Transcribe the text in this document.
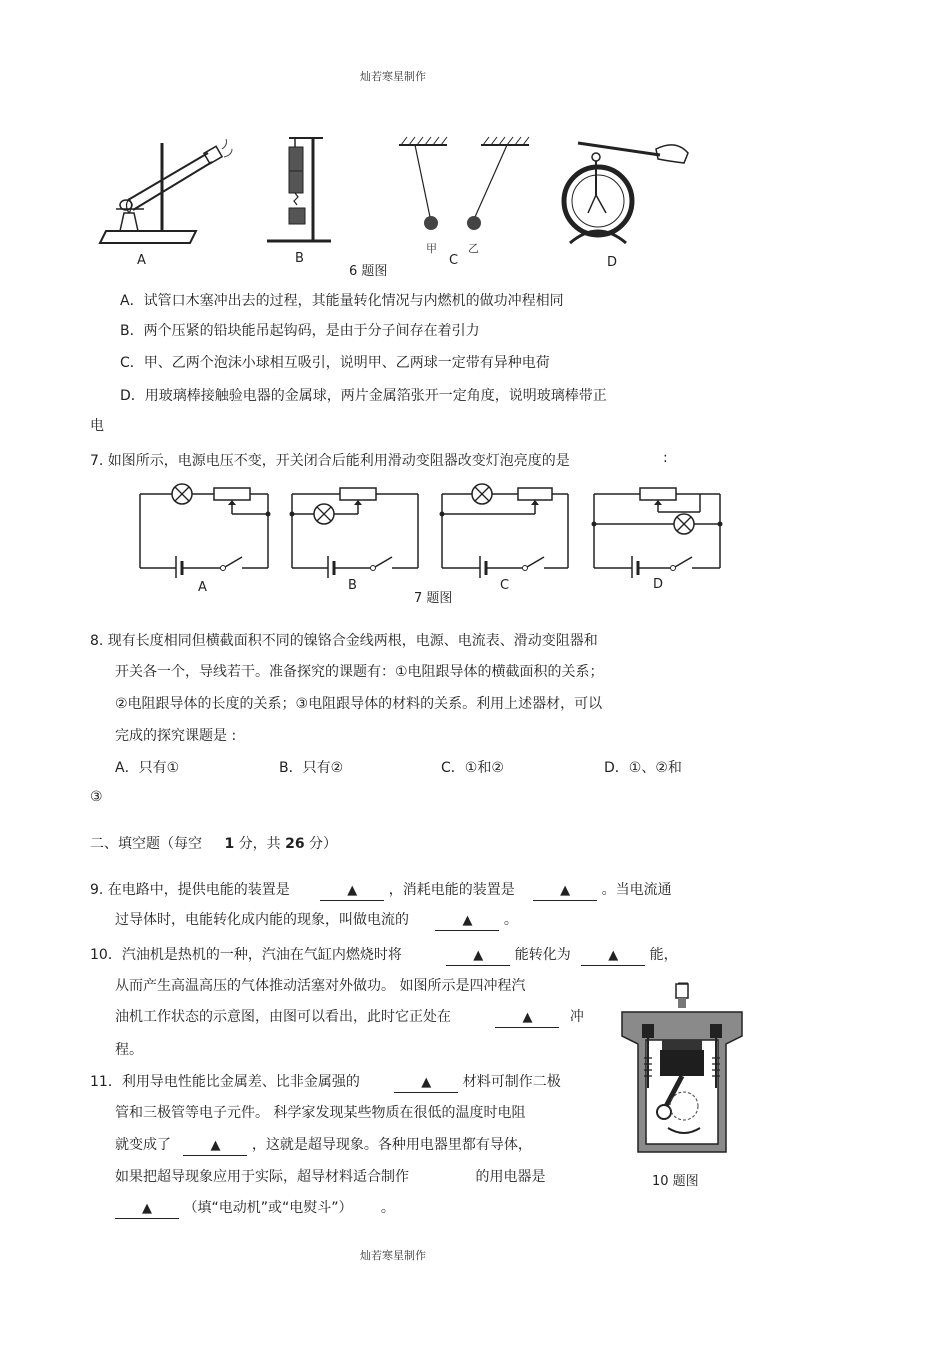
灿若寒星制作
甲	乙
A	B	C	D
6 题图
A．试管口木塞冲出去的过程，其能量转化情况与内燃机的做功冲程相同
B．两个压紧的铅块能吊起钩码，是由于分子间存在着引力
C．甲、乙两个泡沫小球相互吸引，说明甲、乙两球一定带有异种电荷
D．用玻璃棒接触验电器的金属球，两片金属箔张开一定角度，说明玻璃棒带正
电
7. 如图所示，电源电压不变，开关闭合后能利用滑动变阻器改变灯泡亮度的是	:
A	B	C	D
7 题图
8. 现有长度相同但横截面积不同的镍铬合金线两根，电源、电流表、滑动变阻器和
开关各一个，导线若干。准备探究的课题有：①电阻跟导体的横截面积的关系；
②电阻跟导体的长度的关系；③电阻跟导体的材料的关系。利用上述器材，可以
完成的探究课题是 :
A．只有①	B．只有②	C．①和②	D．①、②和
③
二、填空题（每空 1 分，共 26 分）
9. 在电路中，提供电能的装置是	▲ ，消耗电能的装置是	▲ 。当电流通
过导体时，电能转化成内能的现象，叫做电流的	▲ 。
10．汽油机是热机的一种，汽油在气缸内燃烧时将	▲ 能转化为	▲ 能，
从而产生高温高压的气体推动活塞对外做功。 如图所示是四冲程汽
油机工作状态的示意图，由图可以看出，此时它正处在	▲	冲
程。
10 题图
11．利用导电性能比金属差、比非金属强的	▲ 材料可制作二极
管和三极管等电子元件。 科学家发现某些物质在很低的温度时电阻
就变成了	▲ ，这就是超导现象。各种用电器里都有导体，
如果把超导现象应用于实际，超导材料适合制作	的用电器是
▲ （填“电动机”或“电熨斗”） 。
灿若寒星制作
